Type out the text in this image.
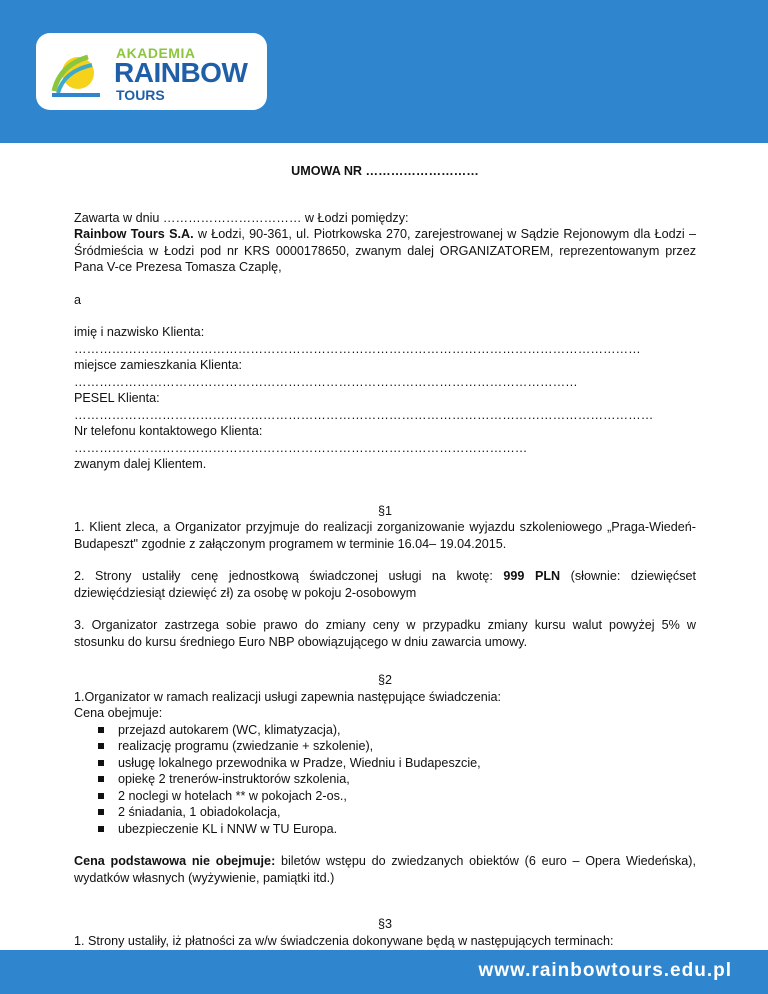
AKADEMIA
RAINBOW
TOURS

UMOWA NR ………………………

Zawarta w dniu …………………………… w Łodzi pomiędzy:

Rainbow Tours S.A. w Łodzi, 90-361, ul. Piotrkowska 270, zarejestrowanej w Sądzie Rejonowym dla Łodzi – Śródmieścia w Łodzi pod nr KRS 0000178650, zwanym dalej ORGANIZATOREM, reprezentowanym przez Pana V-ce Prezesa Tomasza Czaplę,

a

imię i nazwisko Klienta: ………………………………………………………………………………………………………………………

miejsce zamieszkania Klienta: …………………………………………………………………………………………………………

PESEL Klienta: …………………………………………………………………………………………………………………………

Nr telefonu kontaktowego Klienta: ………………………………………………………………………………………………

zwanym dalej Klientem.

§1

1. Klient zleca, a Organizator przyjmuje do realizacji zorganizowanie wyjazdu szkoleniowego „Praga-Wiedeń-Budapeszt" zgodnie z załączonym programem w terminie 16.04– 19.04.2015.

2. Strony ustaliły cenę jednostkową świadczonej usługi na kwotę: 999 PLN (słownie: dziewięćset dziewięćdziesiąt dziewięć zł) za osobę w pokoju 2-osobowym

3. Organizator zastrzega sobie prawo do zmiany ceny w przypadku zmiany kursu walut powyżej 5% w stosunku do kursu średniego Euro NBP obowiązującego w dniu zawarcia umowy.

§2

1.Organizator w ramach realizacji usługi zapewnia następujące świadczenia:

Cena obejmuje:

przejazd autokarem (WC, klimatyzacja),
realizację programu (zwiedzanie + szkolenie),
usługę lokalnego przewodnika w Pradze, Wiedniu i Budapeszcie,
opiekę 2 trenerów-instruktorów szkolenia,
2 noclegi w hotelach ** w pokojach 2-os.,
2 śniadania, 1 obiadokolacja,
ubezpieczenie KL i NNW w TU Europa.

Cena podstawowa nie obejmuje: biletów wstępu do zwiedzanych obiektów (6 euro – Opera Wiedeńska), wydatków własnych (wyżywienie, pamiątki itd.)

§3

1. Strony ustaliły, iż płatności za w/w świadczenia dokonywane będą w następujących terminach:

www.rainbowtours.edu.pl
